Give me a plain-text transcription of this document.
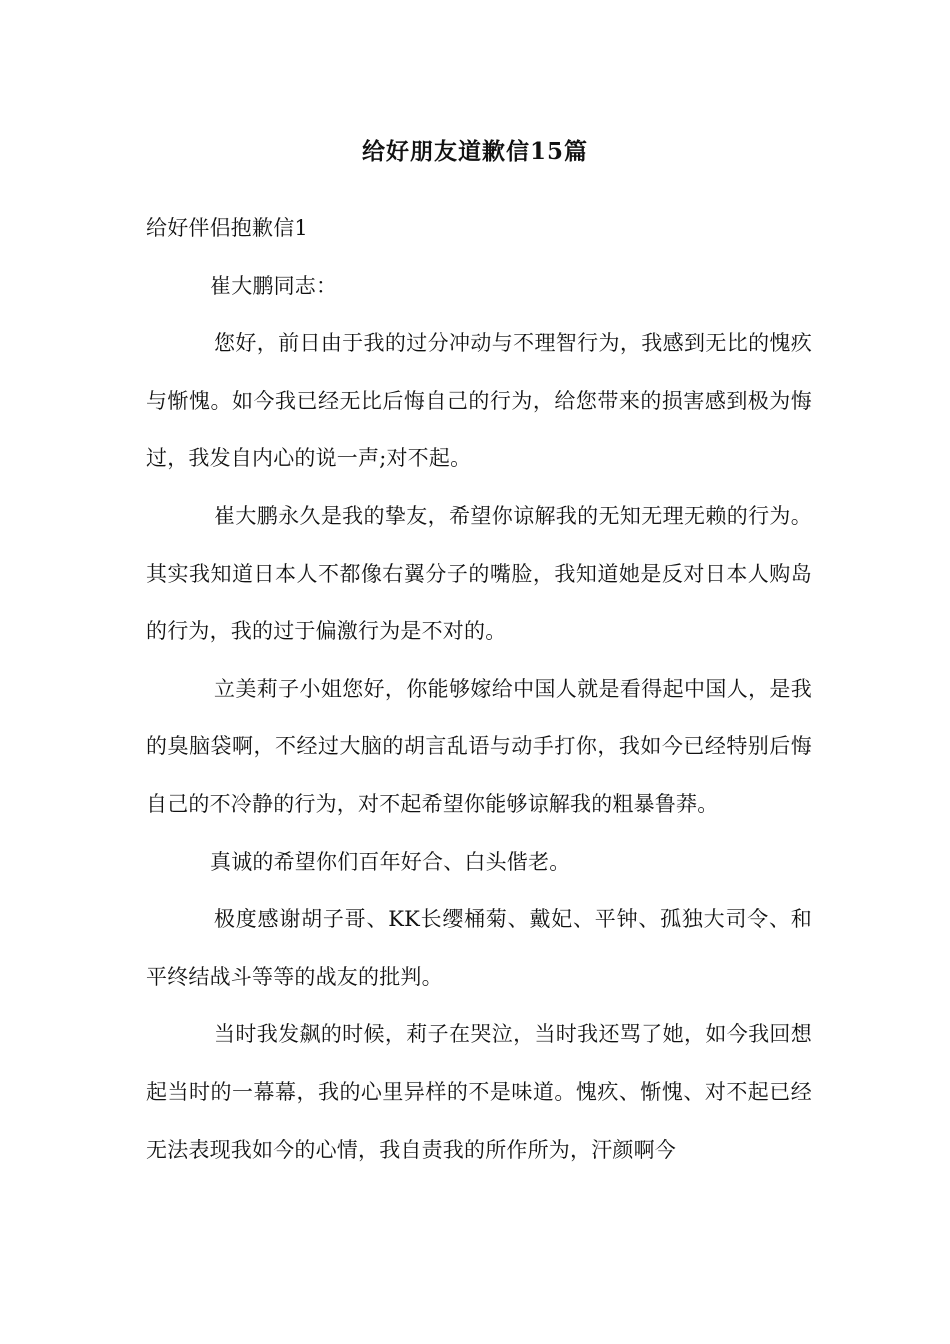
给好朋友道歉信15篇

给好伴侣抱歉信1

崔大鹏同志：

您好，前日由于我的过分冲动与不理智行为，我感到无比的愧疚与惭愧。如今我已经无比后悔自己的行为，给您带来的损害感到极为悔过，我发自内心的说一声;对不起。

崔大鹏永久是我的挚友，希望你谅解我的无知无理无赖的行为。其实我知道日本人不都像右翼分子的嘴脸，我知道她是反对日本人购岛的行为，我的过于偏激行为是不对的。

立美莉子小姐您好，你能够嫁给中国人就是看得起中国人，是我的臭脑袋啊，不经过大脑的胡言乱语与动手打你，我如今已经特别后悔自己的不冷静的行为，对不起希望你能够谅解我的粗暴鲁莽。

真诚的希望你们百年好合、白头偕老。

极度感谢胡子哥、KK长缨桶菊、戴妃、平钟、孤独大司令、和平终结战斗等等的战友的批判。

当时我发飙的时候，莉子在哭泣，当时我还骂了她，如今我回想起当时的一幕幕，我的心里异样的不是味道。愧疚、惭愧、对不起已经无法表现我如今的心情，我自责我的所作所为，汗颜啊今
